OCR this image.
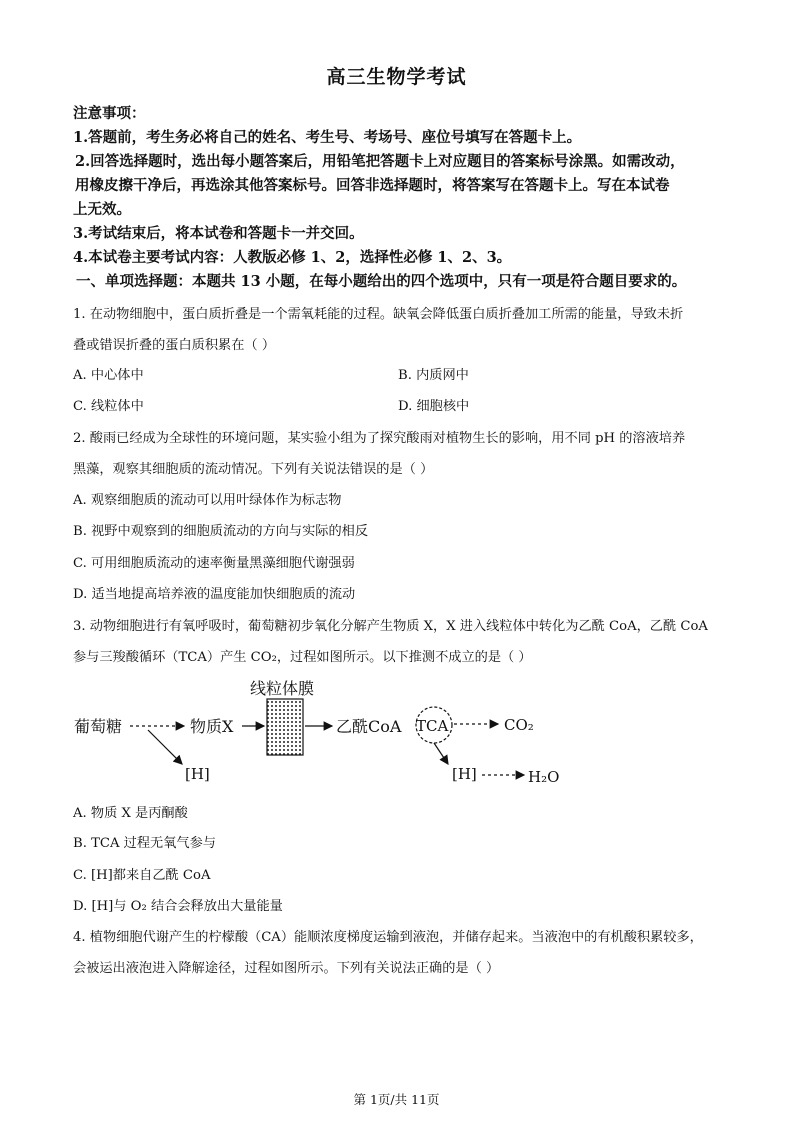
高三生物学考试
注意事项：
1.答题前，考生务必将自己的姓名、考生号、考场号、座位号填写在答题卡上。
2.回答选择题时，选出每小题答案后，用铅笔把答题卡上对应题目的答案标号涂黑。如需改动，
用橡皮擦干净后，再选涂其他答案标号。回答非选择题时，将答案写在答题卡上。写在本试卷
上无效。
3.考试结束后，将本试卷和答题卡一并交回。
4.本试卷主要考试内容：人教版必修 1、2，选择性必修 1、2、3。
一、单项选择题：本题共 13 小题，在每小题给出的四个选项中，只有一项是符合题目要求的。
1. 在动物细胞中，蛋白质折叠是一个需氧耗能的过程。缺氧会降低蛋白质折叠加工所需的能量，导致未折
叠或错误折叠的蛋白质积累在（ ）
A. 中心体中	B. 内质网中
C. 线粒体中	D. 细胞核中
2. 酸雨已经成为全球性的环境问题，某实验小组为了探究酸雨对植物生长的影响，用不同 pH 的溶液培养
黑藻，观察其细胞质的流动情况。下列有关说法错误的是（ ）
A. 观察细胞质的流动可以用叶绿体作为标志物
B. 视野中观察到的细胞质流动的方向与实际的相反
C. 可用细胞质流动的速率衡量黑藻细胞代谢强弱
D. 适当地提高培养液的温度能加快细胞质的流动
3. 动物细胞进行有氧呼吸时，葡萄糖初步氧化分解产生物质 X，X 进入线粒体中转化为乙酰 CoA，乙酰 CoA
参与三羧酸循环（TCA）产生 CO₂，过程如图所示。以下推测不成立的是（ ）
线粒体膜
葡萄糖	物质X
[H]
乙酰CoA TCA	CO₂
[H]	H₂O
A. 物质 X 是丙酮酸
B. TCA 过程无氧气参与
C. [H]都来自乙酰 CoA
D. [H]与 O₂ 结合会释放出大量能量
4. 植物细胞代谢产生的柠檬酸（CA）能顺浓度梯度运输到液泡，并储存起来。当液泡中的有机酸积累较多，
会被运出液泡进入降解途径，过程如图所示。下列有关说法正确的是（ ）
第 1页/共 11页
